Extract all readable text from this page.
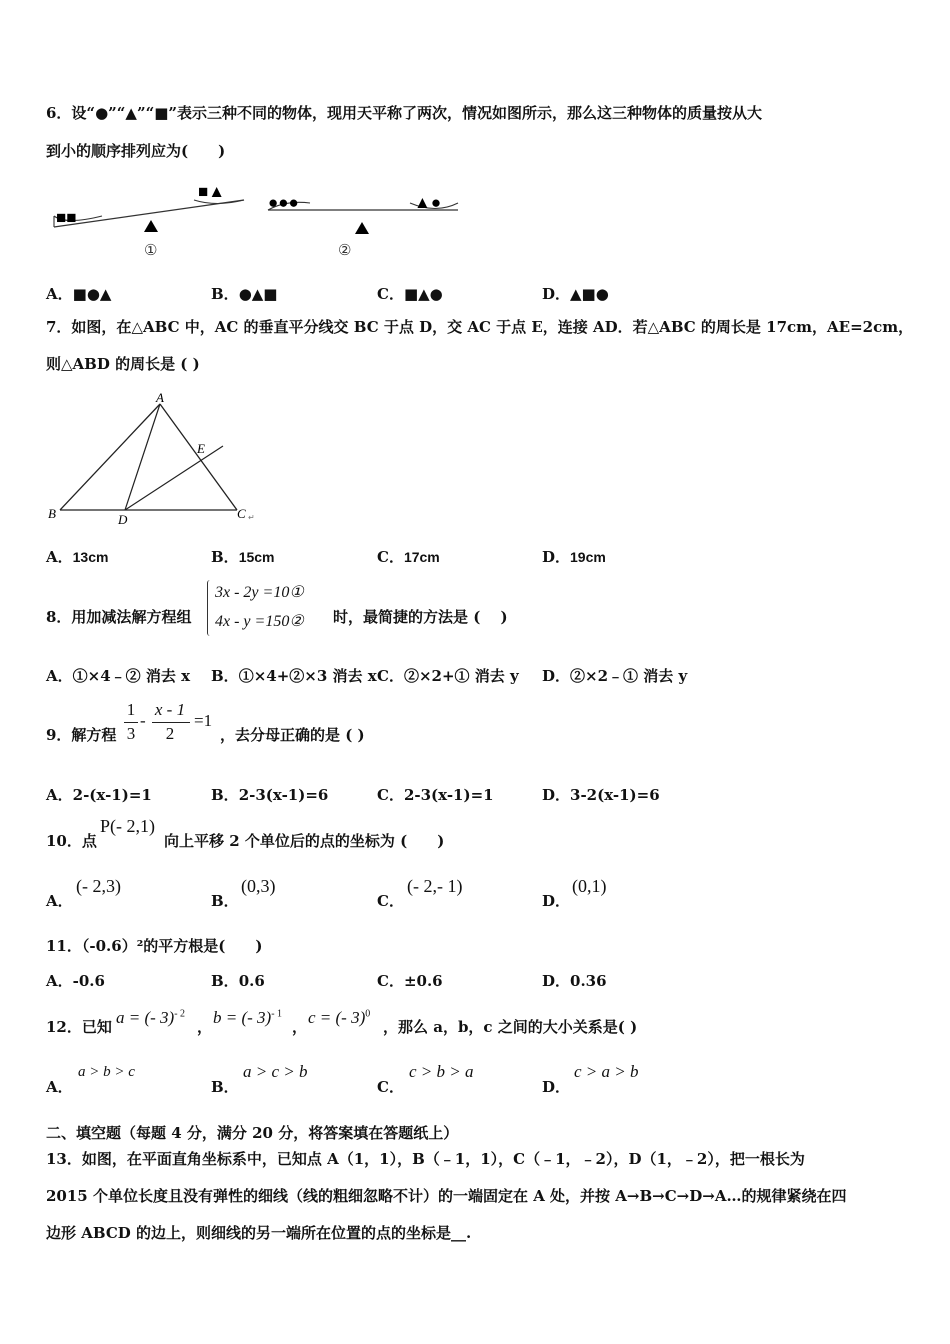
6．设“●”“▲”“■”表示三种不同的物体，现用天平称了两次，情况如图所示，那么这三种物体的质量按从大
到小的顺序排列应为(　　)
■■
■▲
①
●●●	▲●
②
A．■●▲	B．●▲■	C．■▲●	D．▲■●
7．如图，在△ABC 中，AC 的垂直平分线交 BC 于点 D，交 AC 于点 E，连接 AD．若△ABC 的周长是 17cm，AE=2cm，
则△ABD 的周长是 ( )
A
B	C ↵
D
E
A．13cm	B．15cm	C．17cm	D．19cm
8．用加减法解方程组
3x - 2y =10①
4x - y =150② 时，最简捷的方法是 (　 )
A．①×4﹣② 消去 x B．①×4+②×3 消去 x C．②×2+① 消去 y D．②×2﹣① 消去 y
9．解方程
1
3
-
x - 1
2
=1
，去分母正确的是 ( )
A．2-(x-1)=1	B．2-3(x-1)=6	C．2-3(x-1)=1	D．3-2(x-1)=6
10．点
P(- 2,1)
向上平移 2 个单位后的点的坐标为 (　　)
A．
(- 2,3)
B．
(0,3)
C．
(- 2,- 1)
D．
(0,1)
11．（-0.6）²的平方根是(　　)
A．-0.6	B．0.6	C．±0.6	D．0.36
12．已知 a = (- 3)$^{- 2}$
， b = (- 3)$^{- 1}$
， c = (- 3)$^0$
，那么 a，b，c 之间的大小关系是( )
A．
a > b > c
B．
a > c > b
C．
c > b > a
D．
c > a > b
二、填空题（每题 4 分，满分 20 分，将答案填在答题纸上）
13．如图，在平面直角坐标系中，已知点 A（1，1），B（﹣1，1），C（﹣1，﹣2），D（1，﹣2），把一根长为
2015 个单位长度且没有弹性的细线（线的粗细忽略不计）的一端固定在 A 处，并按 A→B→C→D→A…的规律紧绕在四
边形 ABCD 的边上，则细线的另一端所在位置的点的坐标是__.
